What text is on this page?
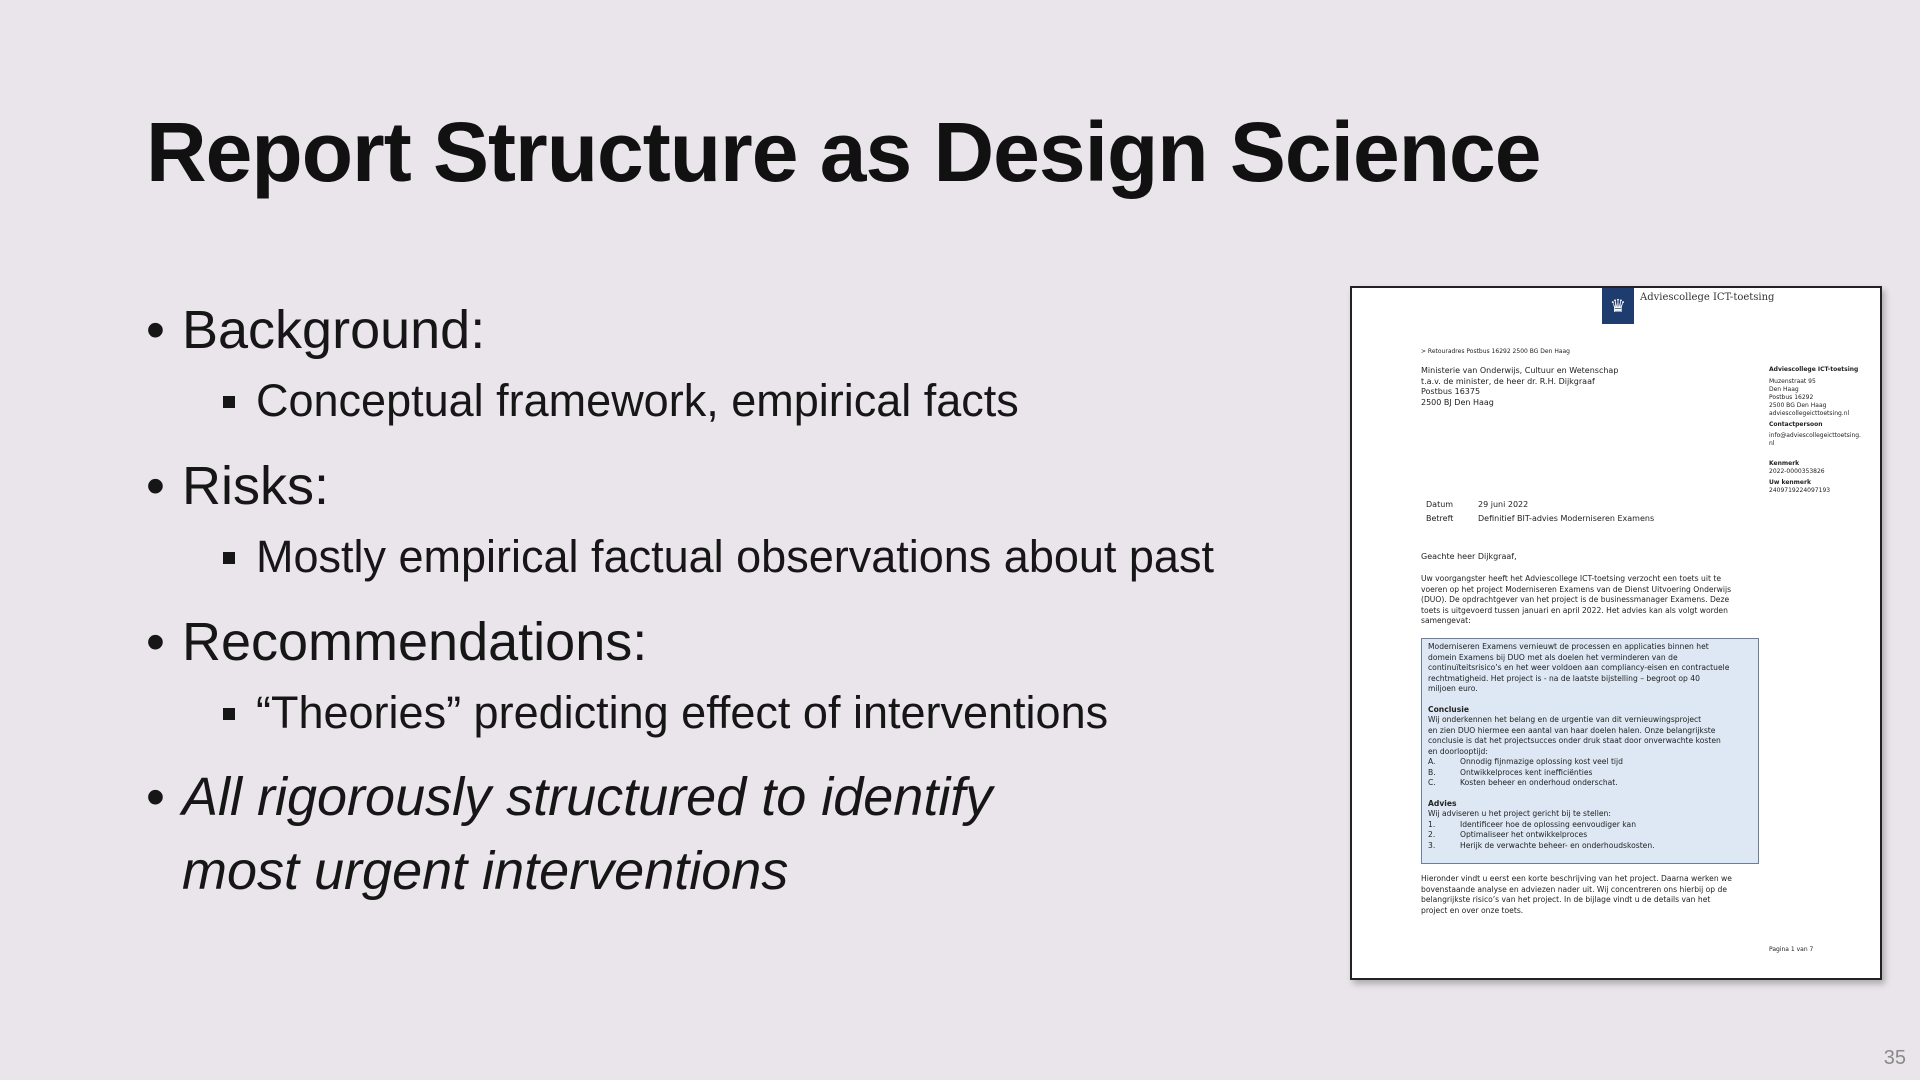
Report Structure as Design Science
• Background:
Conceptual framework, empirical facts
• Risks:
Mostly empirical factual observations about past
• Recommendations:
“Theories” predicting effect of interventions
• All rigorously structured to identify
most urgent interventions
♛	Adviescollege ICT-toetsing
> Retouradres Postbus 16292 2500 BG Den Haag
Ministerie van Onderwijs, Cultuur en Wetenschap
t.a.v. de minister, de heer dr. R.H. Dijkgraaf
Postbus 16375
2500 BJ Den Haag
Adviescollege ICT-toetsing
Muzenstraat 95
Den Haag
Postbus 16292
2500 BG Den Haag
adviescollegeicttoetsing.nl
Contactpersoon
info@adviescollegeicttoetsing.
nl
Kenmerk
2022-0000353826
Uw kenmerk
24097192240971​93
Datum	29 juni 2022
Betreft	Definitief BIT-advies Moderniseren Examens
Geachte heer Dijkgraaf,
Uw voorgangster heeft het Adviescollege ICT-toetsing verzocht een toets uit te
voeren op het project Moderniseren Examens van de Dienst Uitvoering Onderwijs
(DUO). De opdrachtgever van het project is de businessmanager Examens. Deze
toets is uitgevoerd tussen januari en april 2022. Het advies kan als volgt worden
samengevat:
Moderniseren Examens vernieuwt de processen en applicaties binnen het
domein Examens bij DUO met als doelen het verminderen van de
continuïteitsrisico’s en het weer voldoen aan compliancy-eisen en contractuele
rechtmatigheid. Het project is - na de laatste bijstelling – begroot op 40
miljoen euro.
Conclusie
Wij onderkennen het belang en de urgentie van dit vernieuwingsproject
en zien DUO hiermee een aantal van haar doelen halen. Onze belangrijkste
conclusie is dat het projectsucces onder druk staat door onverwachte kosten
en doorlooptijd:
A.	Onnodig fijnmazige oplossing kost veel tijd
B.	Ontwikkelproces kent inefficiënties
C.	Kosten beheer en onderhoud onderschat.
Advies
Wij adviseren u het project gericht bij te stellen:
1.	Identificeer hoe de oplossing eenvoudiger kan
2.	Optimaliseer het ontwikkelproces
3.	Herijk de verwachte beheer- en onderhoudskosten.
Hieronder vindt u eerst een korte beschrijving van het project. Daarna werken we
bovenstaande analyse en adviezen nader uit. Wij concentreren ons hierbij op de
belangrijkste risico’s van het project. In de bijlage vindt u de details van het
project en over onze toets.
Pagina 1 van 7
35
